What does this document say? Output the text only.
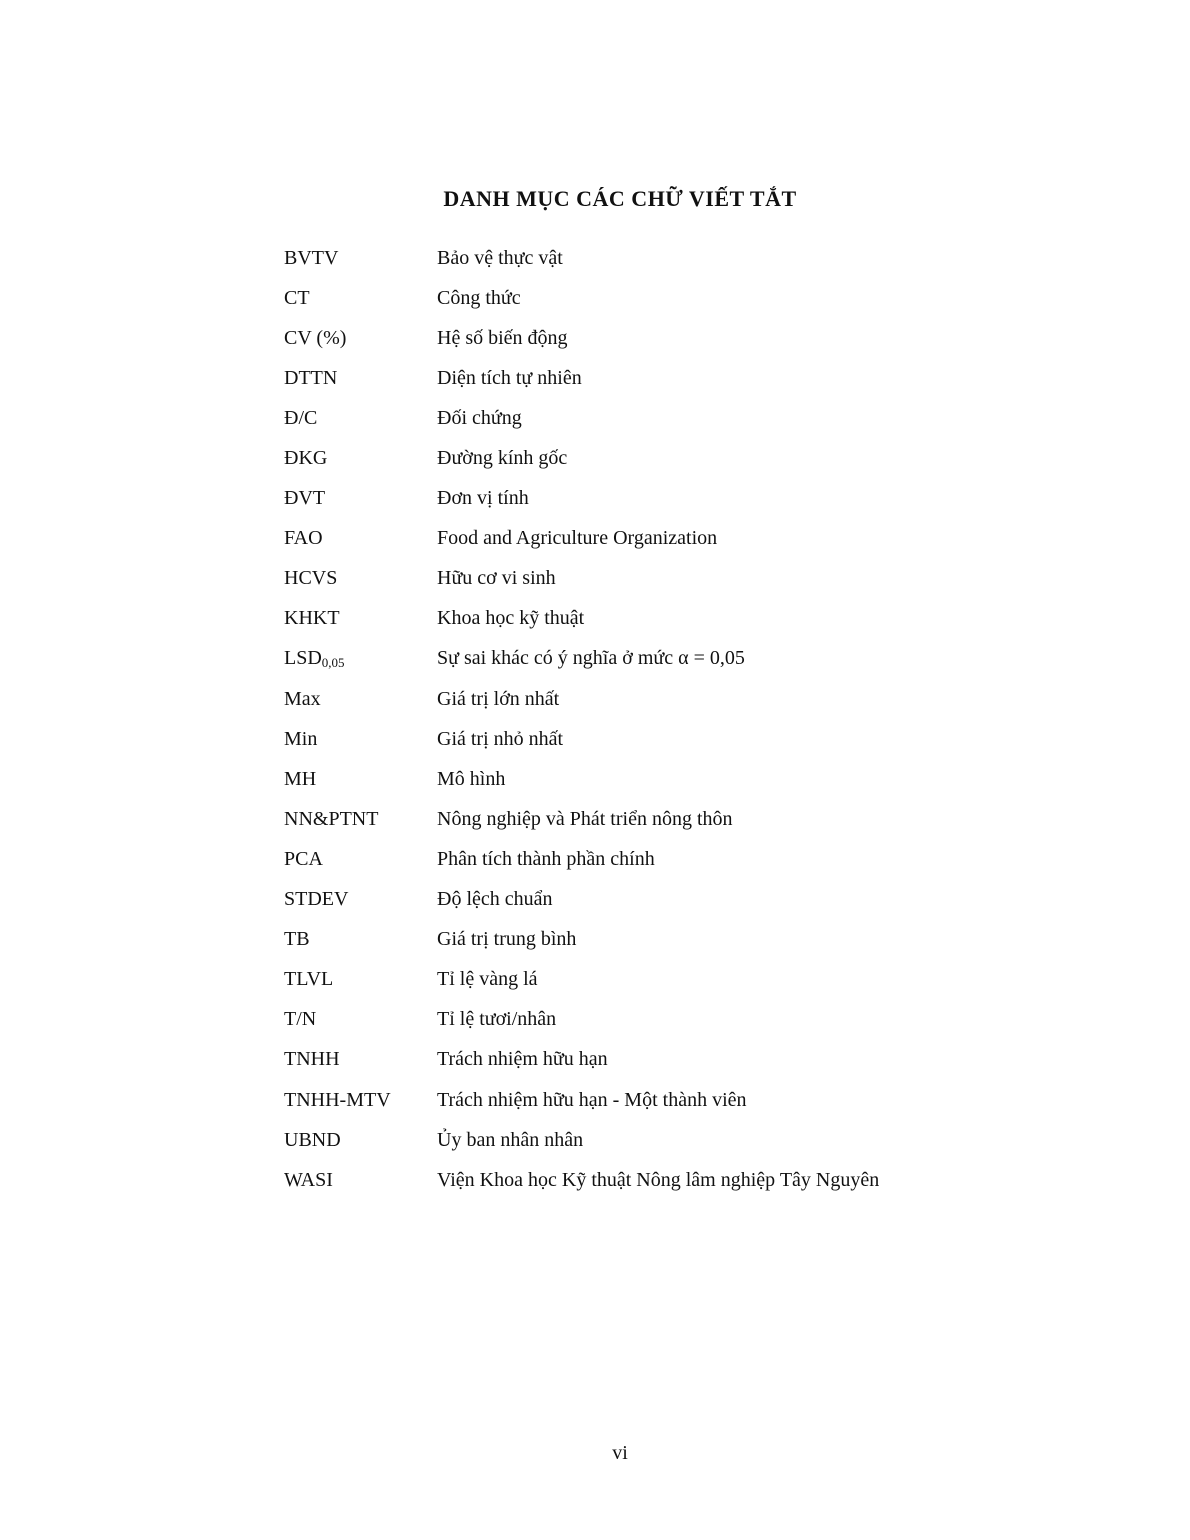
DANH MỤC CÁC CHỮ VIẾT TẮT
BVTV	Bảo vệ thực vật
CT	Công thức
CV (%)	Hệ số biến động
DTTN	Diện tích tự nhiên
Đ/C	Đối chứng
ĐKG	Đường kính gốc
ĐVT	Đơn vị tính
FAO	Food and Agriculture Organization
HCVS	Hữu cơ vi sinh
KHKT	Khoa học kỹ thuật
$LSD_{0,05}$	Sự sai khác có ý nghĩa ở mức α = 0,05
Max	Giá trị lớn nhất
Min	Giá trị nhỏ nhất
MH	Mô hình
NN&PTNT	Nông nghiệp và Phát triển nông thôn
PCA	Phân tích thành phần chính
STDEV	Độ lệch chuẩn
TB	Giá trị trung bình
TLVL	Tỉ lệ vàng lá
T/N	Tỉ lệ tươi/nhân
TNHH	Trách nhiệm hữu hạn
TNHH-MTV	Trách nhiệm hữu hạn - Một thành viên
UBND	Ủy ban nhân nhân
WASI	Viện Khoa học Kỹ thuật Nông lâm nghiệp Tây Nguyên
vi
